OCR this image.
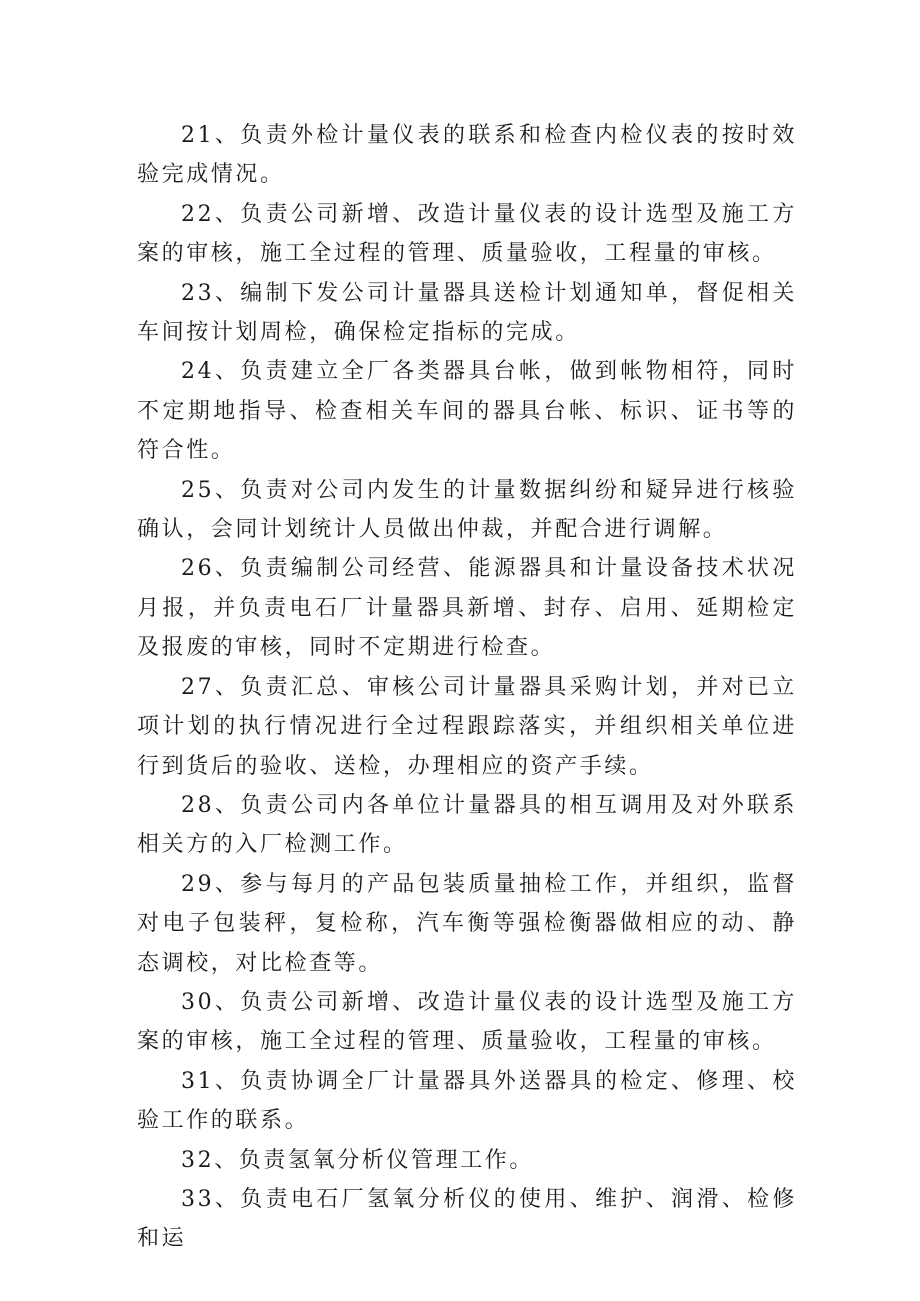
21、负责外检计量仪表的联系和检查内检仪表的按时效验完成情况。

22、负责公司新增、改造计量仪表的设计选型及施工方案的审核，施工全过程的管理、质量验收，工程量的审核。

23、编制下发公司计量器具送检计划通知单，督促相关车间按计划周检，确保检定指标的完成。

24、负责建立全厂各类器具台帐，做到帐物相符，同时不定期地指导、检查相关车间的器具台帐、标识、证书等的符合性。

25、负责对公司内发生的计量数据纠纷和疑异进行核验确认，会同计划统计人员做出仲裁，并配合进行调解。

26、负责编制公司经营、能源器具和计量设备技术状况月报，并负责电石厂计量器具新增、封存、启用、延期检定及报废的审核，同时不定期进行检查。

27、负责汇总、审核公司计量器具采购计划，并对已立项计划的执行情况进行全过程跟踪落实，并组织相关单位进行到货后的验收、送检，办理相应的资产手续。

28、负责公司内各单位计量器具的相互调用及对外联系相关方的入厂检测工作。

29、参与每月的产品包装质量抽检工作，并组织，监督对电子包装秤，复检称，汽车衡等强检衡器做相应的动、静态调校，对比检查等。

30、负责公司新增、改造计量仪表的设计选型及施工方案的审核，施工全过程的管理、质量验收，工程量的审核。

31、负责协调全厂计量器具外送器具的检定、修理、校验工作的联系。

32、负责氢氧分析仪管理工作。

33、负责电石厂氢氧分析仪的使用、维护、润滑、检修和运
